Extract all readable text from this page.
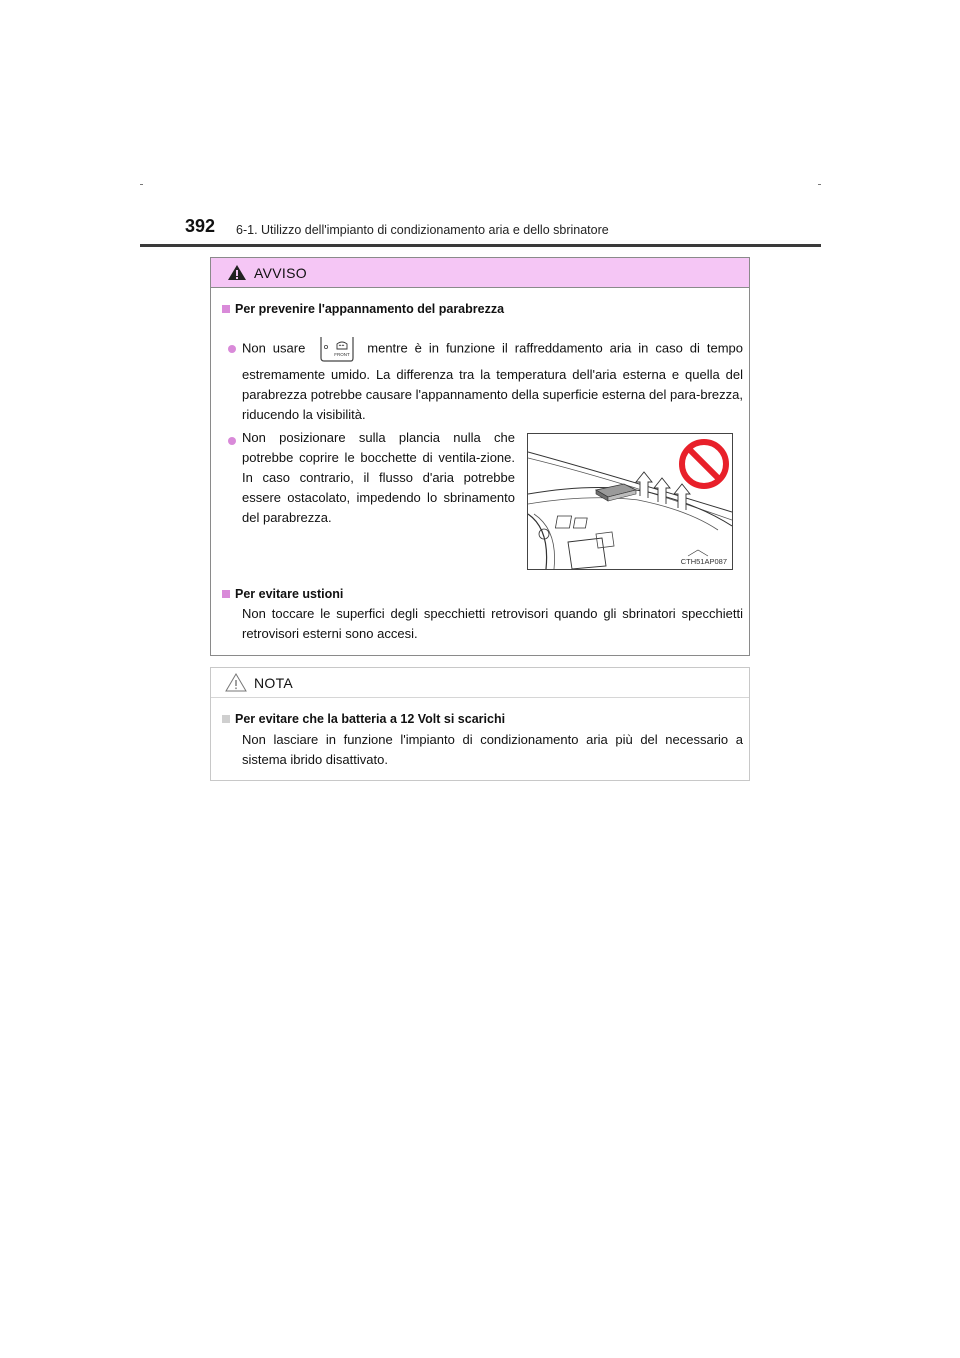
392 6-1. Utilizzo dell'impianto di condizionamento aria e dello sbrinatore
AVVISO
Per prevenire l'appannamento del parabrezza
Non usare	FRONT mentre è in funzione il raffreddamento aria in caso di tempo
estremamente umido. La differenza tra la temperatura dell'aria esterna e quella del parabrezza potrebbe causare l'appannamento della superficie esterna del para-brezza, riducendo la visibilità.
Non posizionare sulla plancia nulla che potrebbe coprire le bocchette di ventila-zione. In caso contrario, il flusso d'aria potrebbe essere ostacolato, impedendo lo sbrinamento del parabrezza.
CTH51AP087
Per evitare ustioni
Non toccare le superfici degli specchietti retrovisori quando gli sbrinatori specchietti retrovisori esterni sono accesi.
NOTA
Per evitare che la batteria a 12 Volt si scarichi
Non lasciare in funzione l'impianto di condizionamento aria più del necessario a sistema ibrido disattivato.
